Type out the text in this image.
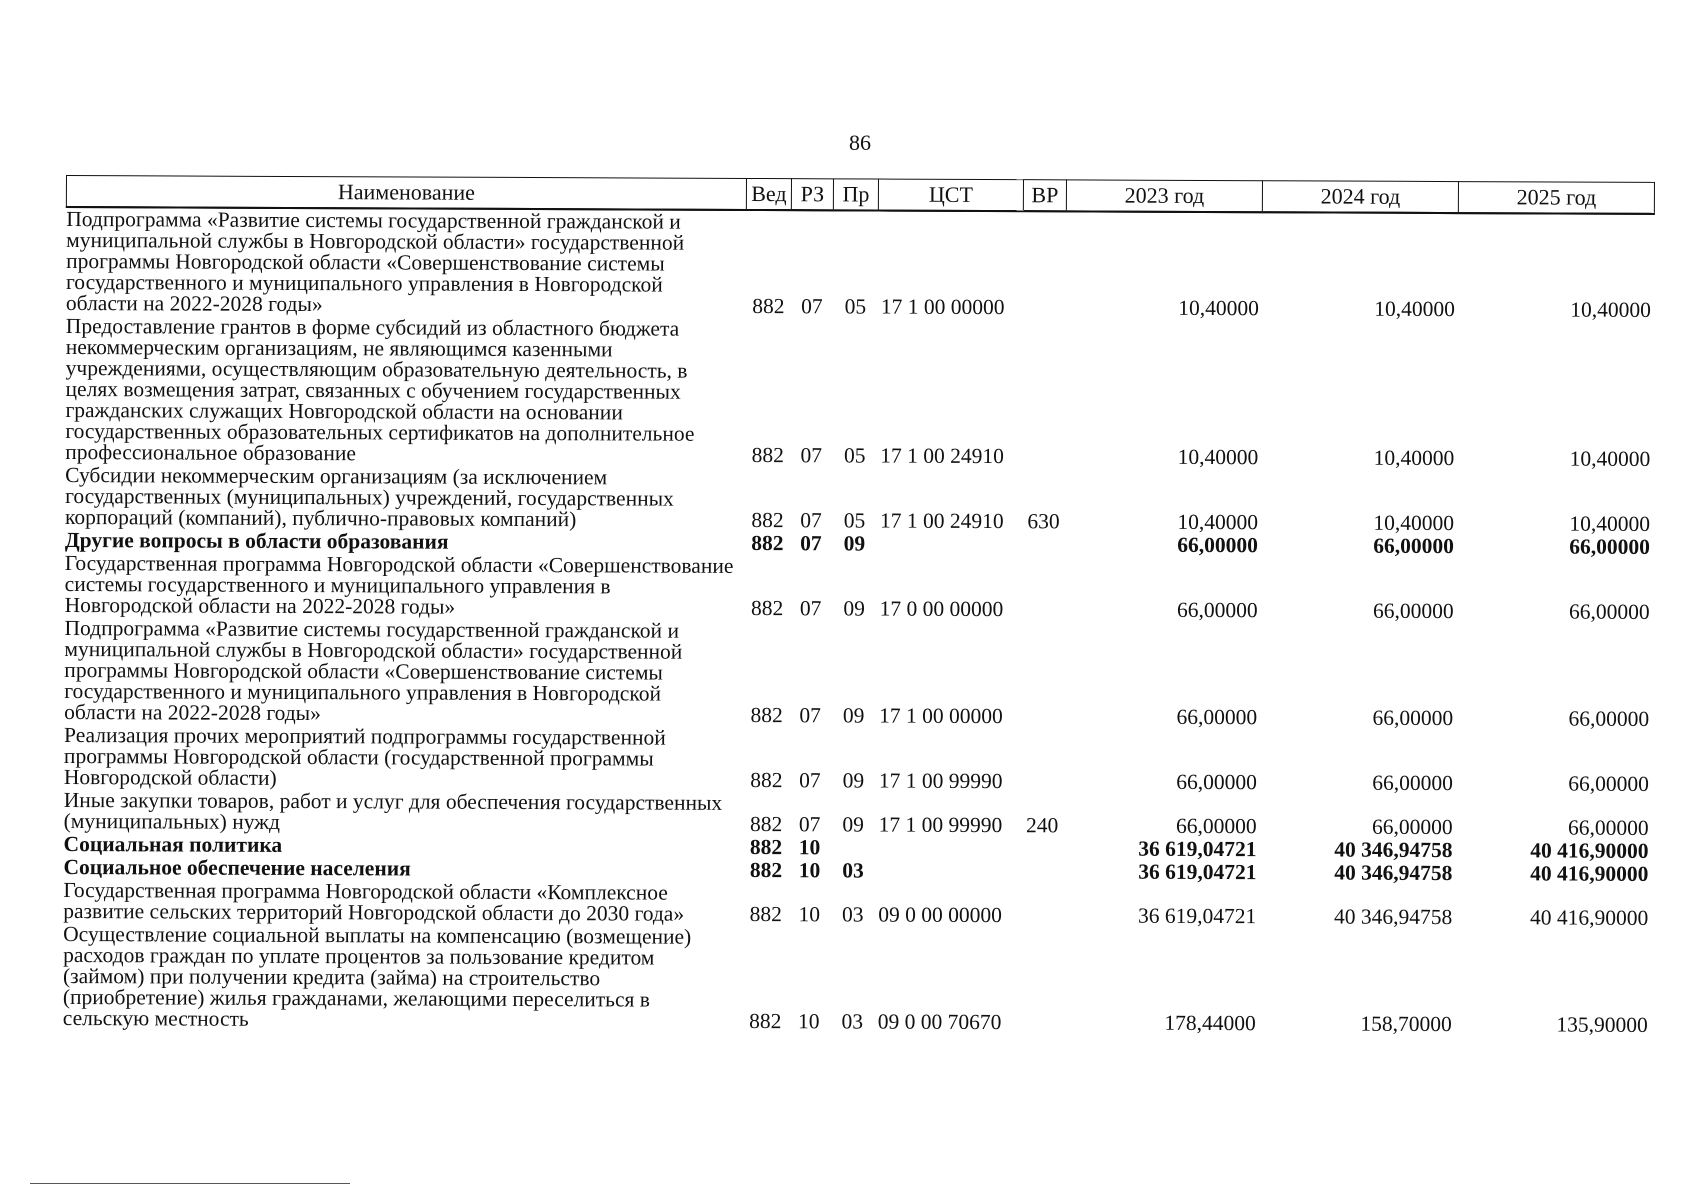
86
Наименование	Вед	РЗ	Пр	ЦСТ	ВР	2023 год	2024 год	2025 год
Подпрограмма «Развитие системы государственной гражданской и муниципальной службы в Новгородской области» государственной программы Новгородской области «Совершенствование системы государственного и муниципального управления в Новгородской области на 2022-2028 годы»	882	07	05	17 1 00 00000		10,40000	10,40000	10,40000
Предоставление грантов в форме субсидий из областного бюджета некоммерческим организациям, не являющимся казенными учреждениями, осуществляющим образовательную деятельность, в целях возмещения затрат, связанных с обучением государственных гражданских служащих Новгородской области на основании государственных образовательных сертификатов на дополнительное профессиональное образование	882	07	05	17 1 00 24910		10,40000	10,40000	10,40000
Субсидии некоммерческим организациям (за исключением государственных (муниципальных) учреждений, государственных корпораций (компаний), публично-правовых компаний)	882	07	05	17 1 00 24910	630	10,40000	10,40000	10,40000
Другие вопросы в области образования	882	07	09			66,00000	66,00000	66,00000
Государственная программа Новгородской области «Совершенствование системы государственного и муниципального управления в Новгородской области на 2022-2028 годы»	882	07	09	17 0 00 00000		66,00000	66,00000	66,00000
Подпрограмма «Развитие системы государственной гражданской и муниципальной службы в Новгородской области» государственной программы Новгородской области «Совершенствование системы государственного и муниципального управления в Новгородской области на 2022-2028 годы»	882	07	09	17 1 00 00000		66,00000	66,00000	66,00000
Реализация прочих мероприятий подпрограммы государственной программы Новгородской области (государственной программы Новгородской области)	882	07	09	17 1 00 99990		66,00000	66,00000	66,00000
Иные закупки товаров, работ и услуг для обеспечения государственных (муниципальных) нужд	882	07	09	17 1 00 99990	240	66,00000	66,00000	66,00000
Социальная политика	882	10				36 619,04721	40 346,94758	40 416,90000
Социальное обеспечение населения	882	10	03			36 619,04721	40 346,94758	40 416,90000
Государственная программа Новгородской области «Комплексное развитие сельских территорий Новгородской области до 2030 года»	882	10	03	09 0 00 00000		36 619,04721	40 346,94758	40 416,90000
Осуществление социальной выплаты на компенсацию (возмещение) расходов граждан по уплате процентов за пользование кредитом (займом) при получении кредита (займа) на строительство (приобретение) жилья гражданами, желающими переселиться в сельскую местность	882	10	03	09 0 00 70670		178,44000	158,70000	135,90000
